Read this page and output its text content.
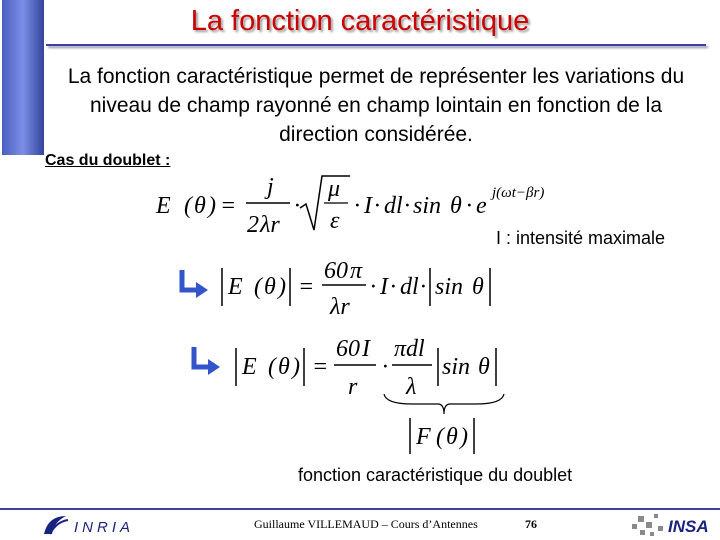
La fonction caractéristique
La fonction caractéristique permet de représenter les variations du niveau de champ rayonné en champ lointain en fonction de la direction considérée.
Cas du doublet :
E ( θ ) =
j
2 λr
·
μ
ε
· I · dl · sin θ · e j(ωt−βr)
I : intensité maximale
E ( θ ) =
60 π
λr
· I · dl · sin θ
E ( θ ) =
60 I
r
·
πdl
λ
sin θ
F ( θ )
fonction caractéristique du doublet
INRIA	Guillaume VILLEMAUD – Cours d’Antennes	76	INSA
